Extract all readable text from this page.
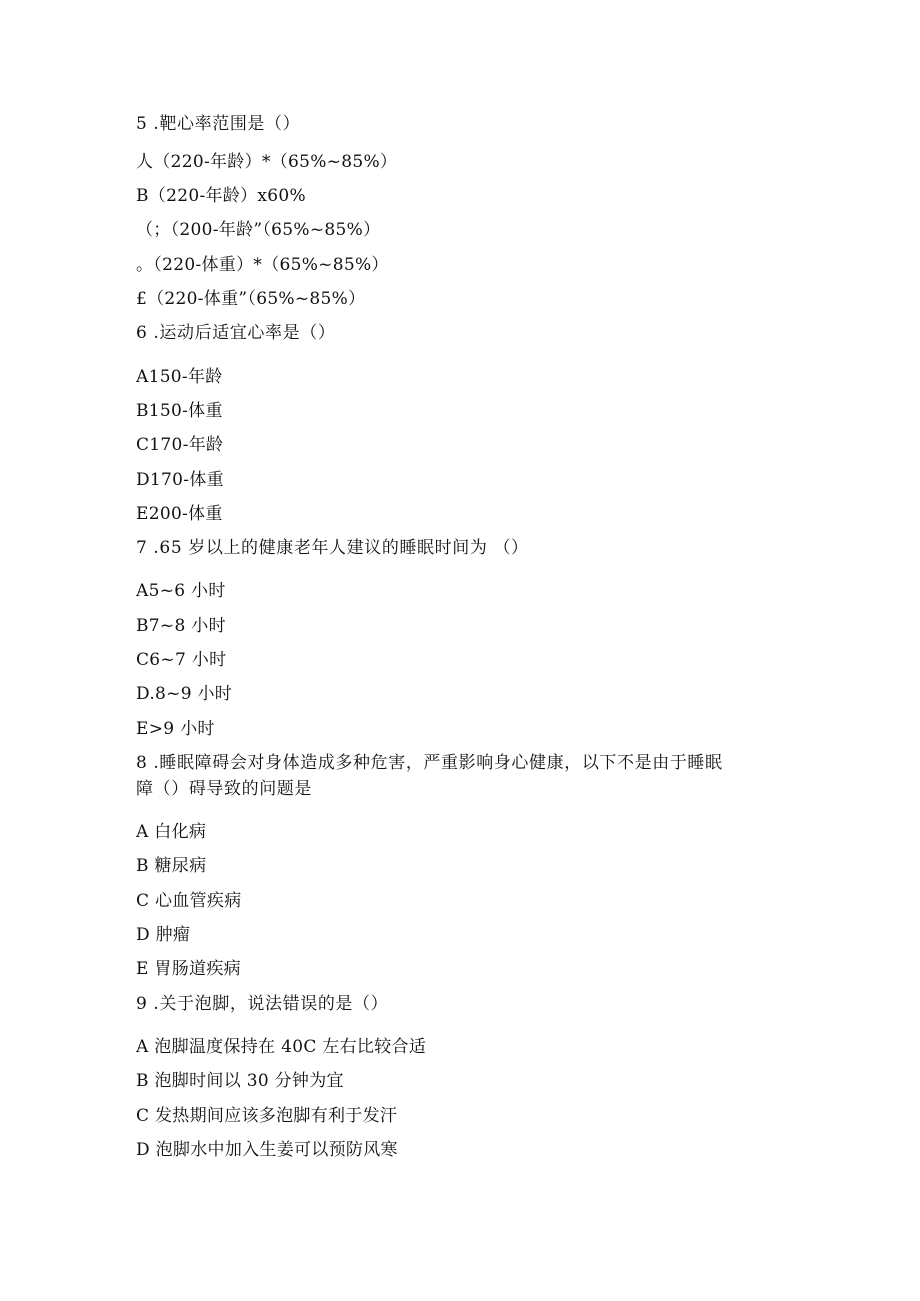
5 .靶心率范围是（）
人（220-年龄）*（65%~85%）
B（220-年龄）x60%
（；（200-年龄”（65%~85%）
。（220-体重）*（65%~85%）
£（220-体重”（65%~85%）
6 .运动后适宜心率是（）
A150-年龄
B150-体重
C170-年龄
D170-体重
E200-体重
7 .65 岁以上的健康老年人建议的睡眠时间为 （）
A5~6 小时
B7~8 小时
C6~7 小时
D.8~9 小时
E>9 小时
8 .睡眠障碍会对身体造成多种危害，严重影响身心健康，以下不是由于睡眠
障（）碍导致的问题是
A 白化病
B 糖尿病
C 心血管疾病
D 肿瘤
E 胃肠道疾病
9 .关于泡脚，说法错误的是（）
A 泡脚温度保持在 40C 左右比较合适
B 泡脚时间以 30 分钟为宜
C 发热期间应该多泡脚有利于发汗
D 泡脚水中加入生姜可以预防风寒
